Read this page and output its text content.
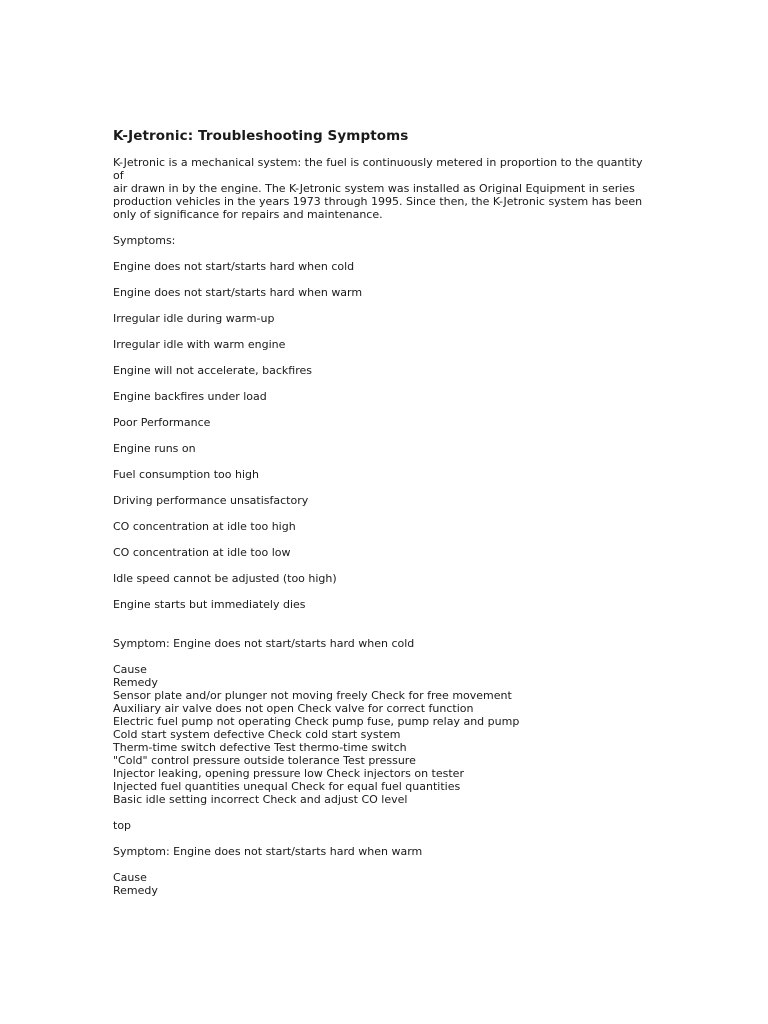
K-Jetronic: Troubleshooting Symptoms
K-Jetronic is a mechanical system: the fuel is continuously metered in proportion to the quantity of
air drawn in by the engine. The K-Jetronic system was installed as Original Equipment in series
production vehicles in the years 1973 through 1995. Since then, the K-Jetronic system has been
only of significance for repairs and maintenance.
Symptoms:
Engine does not start/starts hard when cold
Engine does not start/starts hard when warm
Irregular idle during warm-up
Irregular idle with warm engine
Engine will not accelerate, backfires
Engine backfires under load
Poor Performance
Engine runs on
Fuel consumption too high
Driving performance unsatisfactory
CO concentration at idle too high
CO concentration at idle too low
Idle speed cannot be adjusted (too high)
Engine starts but immediately dies
Symptom: Engine does not start/starts hard when cold
Cause
Remedy
Sensor plate and/or plunger not moving freely Check for free movement
Auxiliary air valve does not open Check valve for correct function
Electric fuel pump not operating Check pump fuse, pump relay and pump
Cold start system defective Check cold start system
Therm-time switch defective Test thermo-time switch
"Cold" control pressure outside tolerance Test pressure
Injector leaking, opening pressure low Check injectors on tester
Injected fuel quantities unequal Check for equal fuel quantities
Basic idle setting incorrect Check and adjust CO level
top
Symptom: Engine does not start/starts hard when warm
Cause
Remedy
